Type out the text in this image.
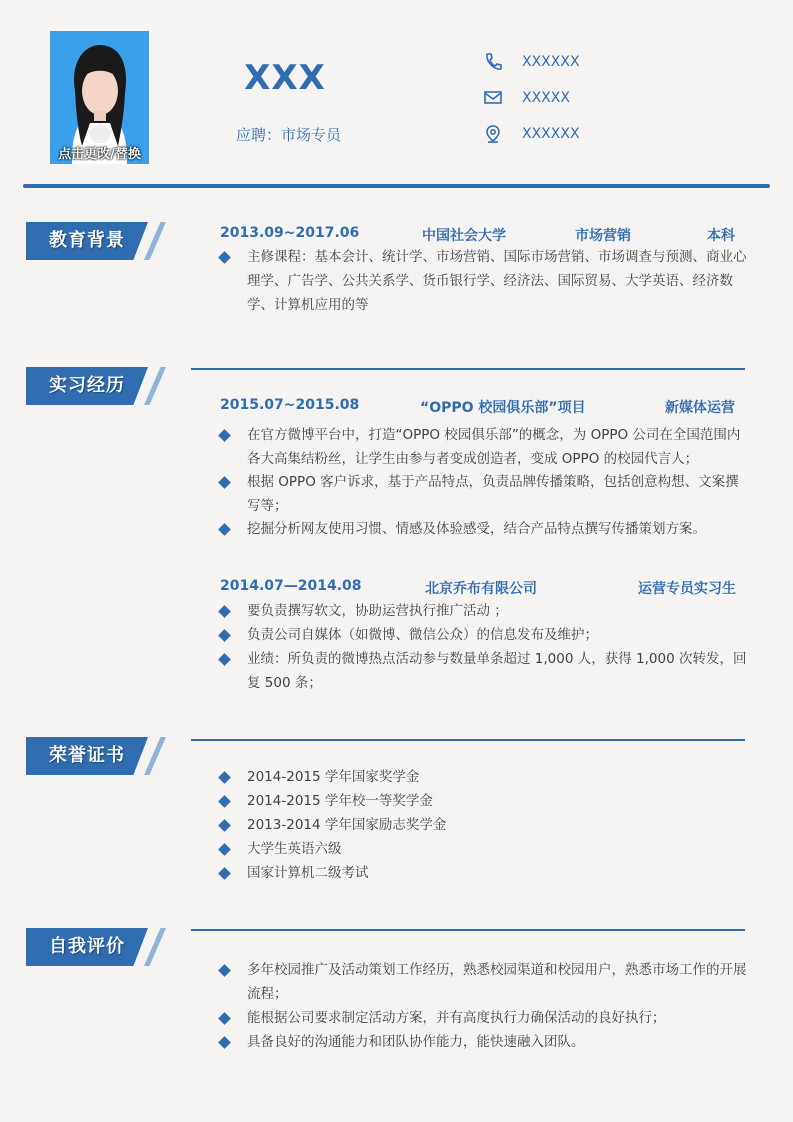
点击更改/替换
XXX
应聘：市场专员
XXXXXX
XXXXX
XXXXXX
教育背景	2013.09~2017.06	中国社会大学	市场营销	本科
主修课程：基本会计、统计学、市场营销、国际市场营销、市场调查与预测、商业心理学、广告学、公共关系学、货币银行学、经济法、国际贸易、大学英语、经济数学、计算机应用的等
实习经历
2015.07~2015.08	“OPPO 校园俱乐部”项目	新媒体运营
在官方微博平台中，打造“OPPO 校园俱乐部”的概念，为 OPPO 公司在全国范围内各大高集结粉丝，让学生由参与者变成创造者，变成 OPPO 的校园代言人；
根据 OPPO 客户诉求，基于产品特点，负责品牌传播策略，包括创意构想、文案撰写等；
挖掘分析网友使用习惯、情感及体验感受，结合产品特点撰写传播策划方案。
2014.07—2014.08	北京乔布有限公司	运营专员实习生
要负责撰写软文，协助运营执行推广活动 ；
负责公司自媒体（如微博、微信公众）的信息发布及维护；
业绩：所负责的微博热点活动参与数量单条超过 1,000 人，获得 1,000 次转发，回复 500 条；
荣誉证书
2014-2015 学年国家奖学金
2014-2015 学年校一等奖学金
2013-2014 学年国家励志奖学金
大学生英语六级
国家计算机二级考试
自我评价
多年校园推广及活动策划工作经历，熟悉校园渠道和校园用户，熟悉市场工作的开展流程；
能根据公司要求制定活动方案，并有高度执行力确保活动的良好执行；
具备良好的沟通能力和团队协作能力，能快速融入团队。
